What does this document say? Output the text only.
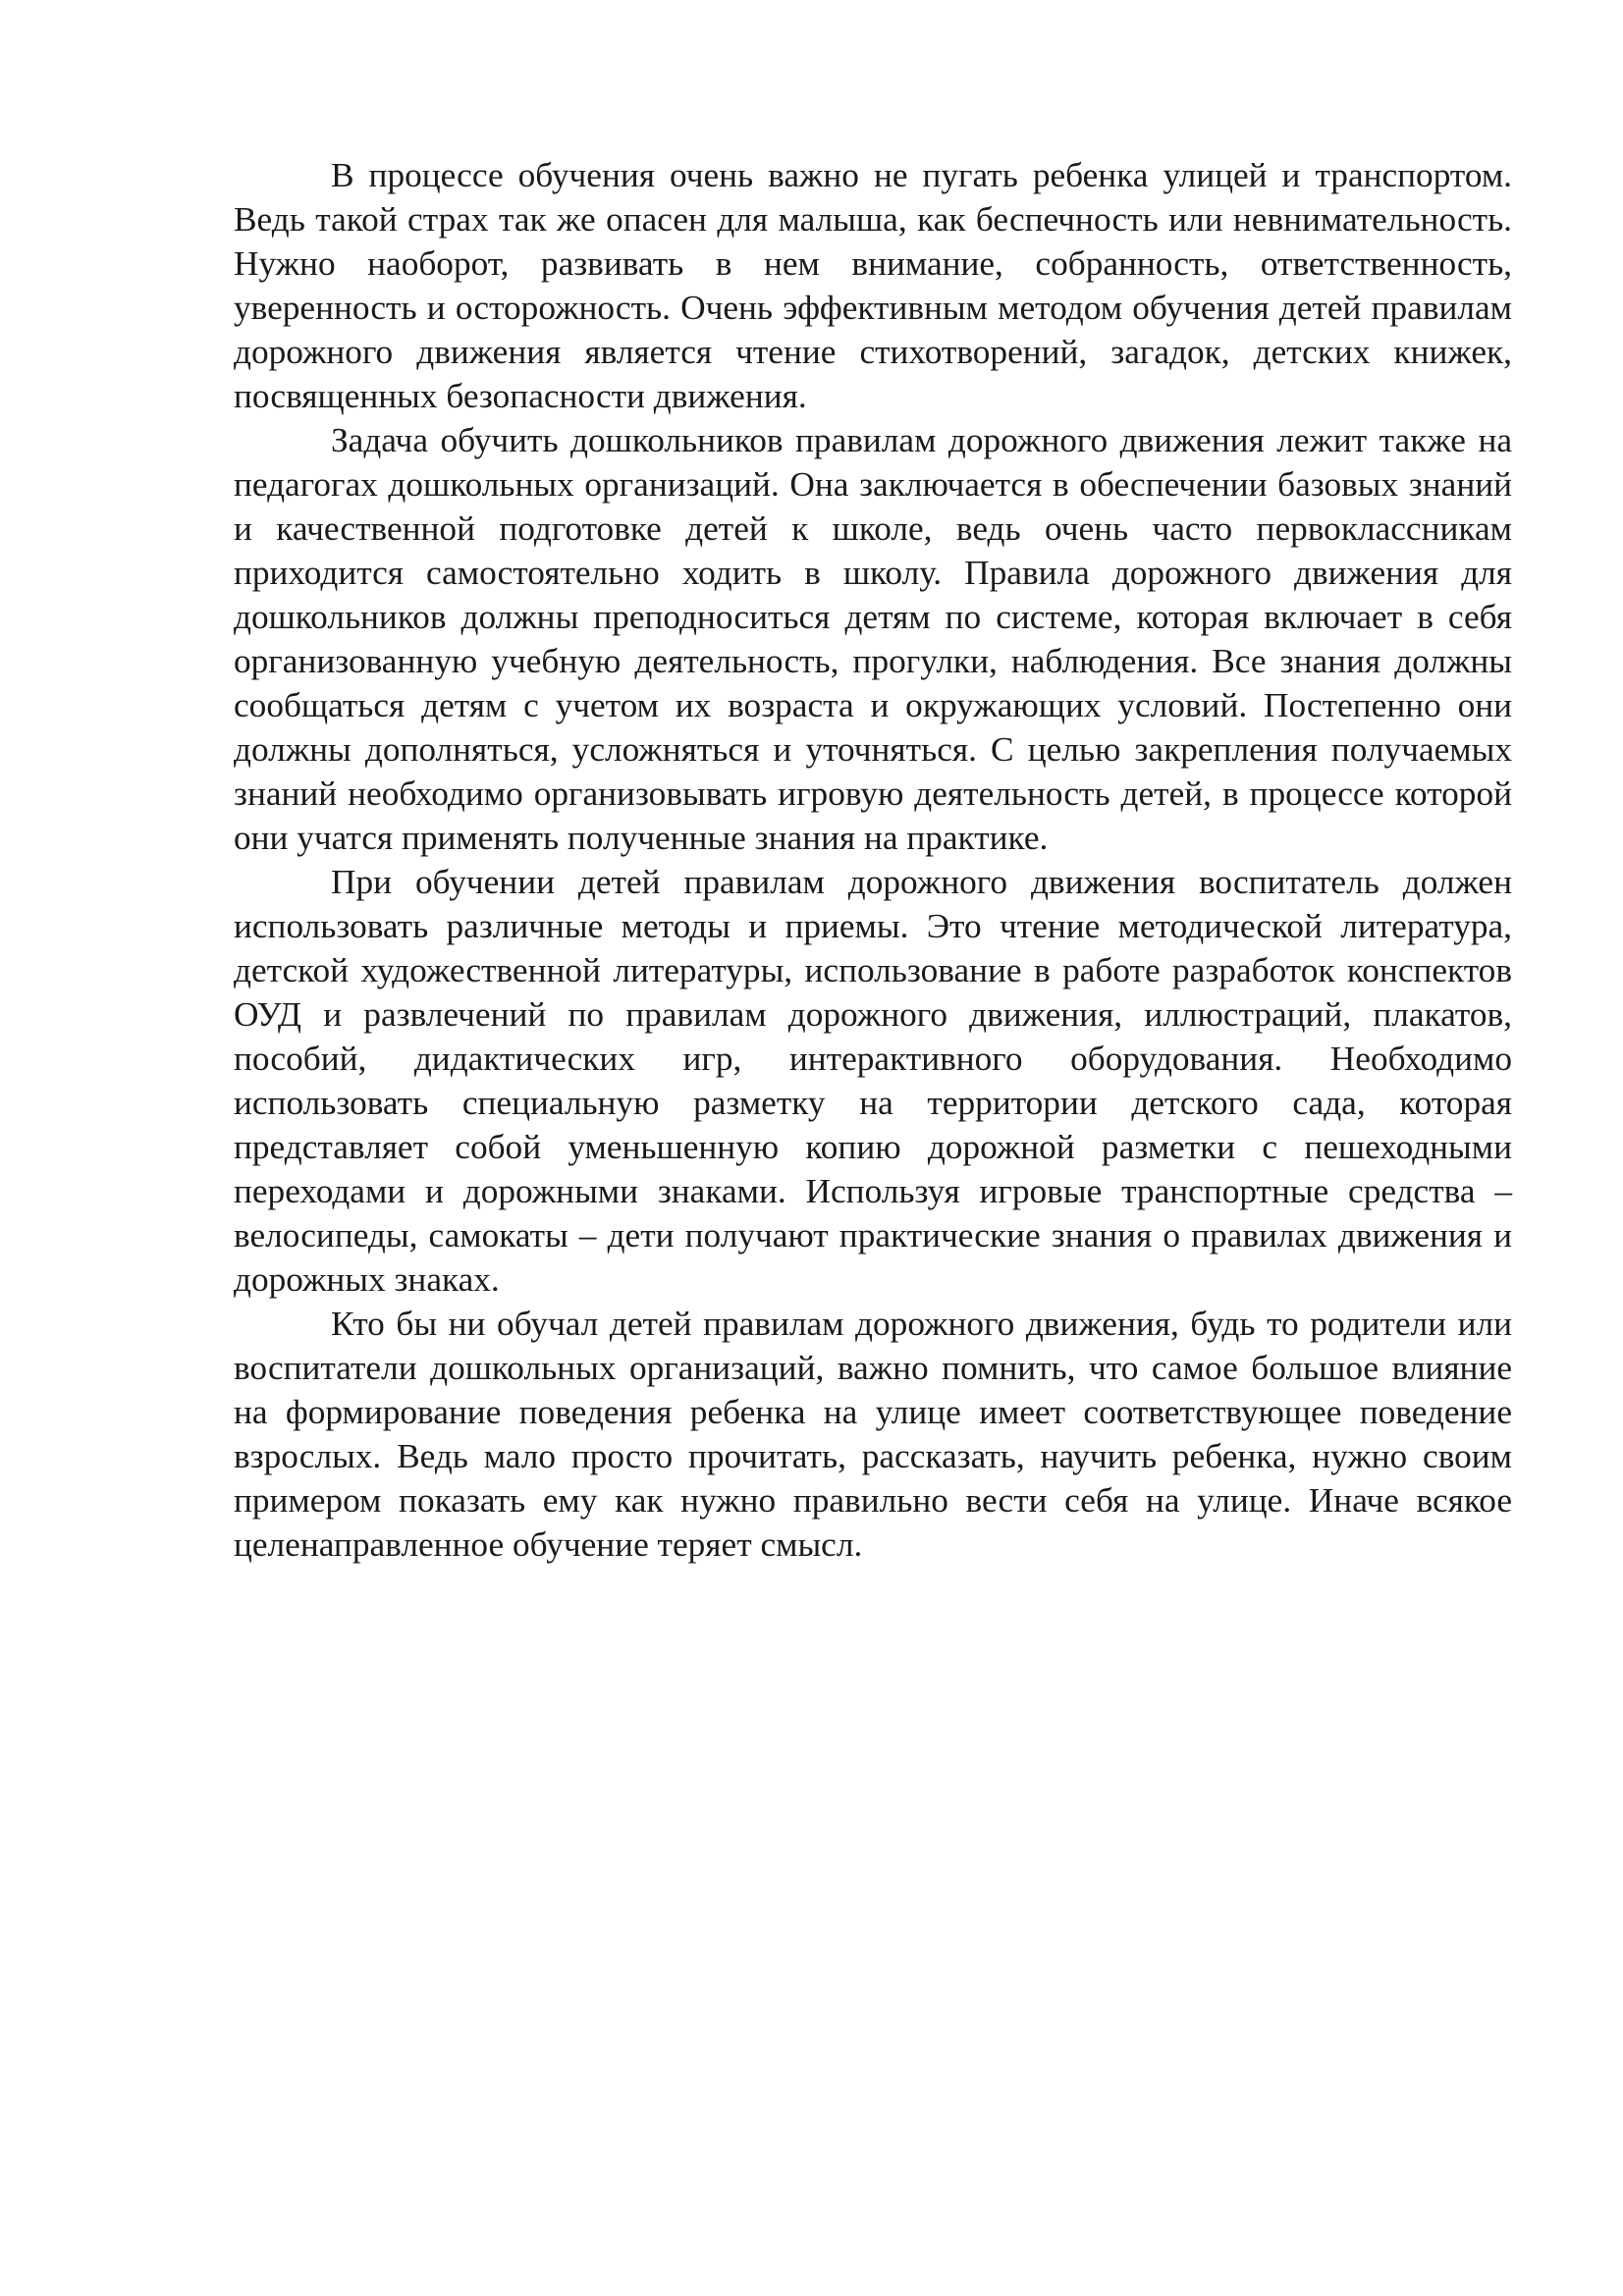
В процессе обучения очень важно не пугать ребенка улицей и транспортом. Ведь такой страх так же опасен для малыша, как беспечность или невнимательность. Нужно наоборот, развивать в нем внимание, собранность, ответственность, уверенность и осторожность. Очень эффективным методом обучения детей правилам дорожного движения является чтение стихотворений, загадок, детских книжек, посвященных безопасности движения.

Задача обучить дошкольников правилам дорожного движения лежит также на педагогах дошкольных организаций. Она заключается в обеспечении базовых знаний и качественной подготовке детей к школе, ведь очень часто первоклассникам приходится самостоятельно ходить в школу. Правила дорожного движения для дошкольников должны преподноситься детям по системе, которая включает в себя организованную учебную деятельность, прогулки, наблюдения. Все знания должны сообщаться детям с учетом их возраста и окружающих условий. Постепенно они должны дополняться, усложняться и уточняться. С целью закрепления получаемых знаний необходимо организовывать игровую деятельность детей, в процессе которой они учатся применять полученные знания на практике.

При обучении детей правилам дорожного движения воспитатель должен использовать различные методы и приемы. Это чтение методической литература, детской художественной литературы, использование в работе разработок конспектов ОУД и развлечений по правилам дорожного движения, иллюстраций, плакатов, пособий, дидактических игр, интерактивного оборудования. Необходимо использовать специальную разметку на территории детского сада, которая представляет собой уменьшенную копию дорожной разметки с пешеходными переходами и дорожными знаками. Используя игровые транспортные средства – велосипеды, самокаты – дети получают практические знания о правилах движения и дорожных знаках.

Кто бы ни обучал детей правилам дорожного движения, будь то родители или воспитатели дошкольных организаций, важно помнить, что самое большое влияние на формирование поведения ребенка на улице имеет соответствующее поведение взрослых. Ведь мало просто прочитать, рассказать, научить ребенка, нужно своим примером показать ему как нужно правильно вести себя на улице. Иначе всякое целенаправленное обучение теряет смысл.
